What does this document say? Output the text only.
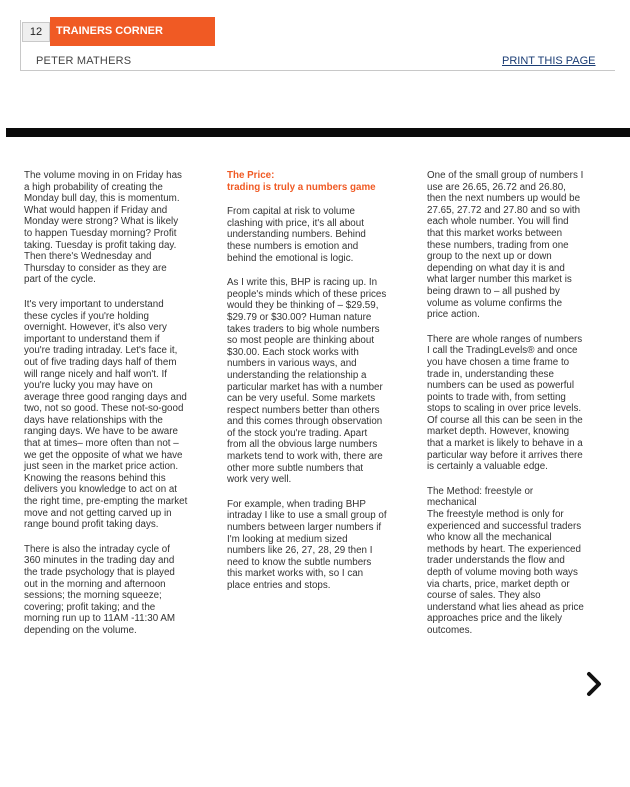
12	TRAINERS CORNER
PETER MATHERS	PRINT THIS PAGE

The volume moving in on Friday has
a high probability of creating the
Monday bull day, this is momentum.
What would happen if Friday and
Monday were strong? What is likely
to happen Tuesday morning? Profit
taking. Tuesday is profit taking day.
Then there's Wednesday and
Thursday to consider as they are
part of the cycle.

It's very important to understand
these cycles if you're holding
overnight. However, it's also very
important to understand them if
you're trading intraday. Let's face it,
out of five trading days half of them
will range nicely and half won't. If
you're lucky you may have on
average three good ranging days and
two, not so good. These not-so-good
days have relationships with the
ranging days. We have to be aware
that at times– more often than not –
we get the opposite of what we have
just seen in the market price action.
Knowing the reasons behind this
delivers you knowledge to act on at
the right time, pre-empting the market
move and not getting carved up in
range bound profit taking days.

There is also the intraday cycle of
360 minutes in the trading day and
the trade psychology that is played
out in the morning and afternoon
sessions; the morning squeeze;
covering; profit taking; and the
morning run up to 11AM -11:30 AM
depending on the volume.

The Price:
trading is truly a numbers game

From capital at risk to volume
clashing with price, it's all about
understanding numbers. Behind
these numbers is emotion and
behind the emotional is logic.

As I write this, BHP is racing up. In
people's minds which of these prices
would they be thinking of – $29.59,
$29.79 or $30.00? Human nature
takes traders to big whole numbers
so most people are thinking about
$30.00. Each stock works with
numbers in various ways, and
understanding the relationship a
particular market has with a number
can be very useful. Some markets
respect numbers better than others
and this comes through observation
of the stock you're trading. Apart
from all the obvious large numbers
markets tend to work with, there are
other more subtle numbers that
work very well.

For example, when trading BHP
intraday I like to use a small group of
numbers between larger numbers if
I'm looking at medium sized
numbers like 26, 27, 28, 29 then I
need to know the subtle numbers
this market works with, so I can
place entries and stops.

One of the small group of numbers I
use are 26.65, 26.72 and 26.80,
then the next numbers up would be
27.65, 27.72 and 27.80 and so with
each whole number. You will find
that this market works between
these numbers, trading from one
group to the next up or down
depending on what day it is and
what larger number this market is
being drawn to – all pushed by
volume as volume confirms the
price action.

There are whole ranges of numbers
I call the TradingLevels® and once
you have chosen a time frame to
trade in, understanding these
numbers can be used as powerful
points to trade with, from setting
stops to scaling in over price levels.
Of course all this can be seen in the
market depth. However, knowing
that a market is likely to behave in a
particular way before it arrives there
is certainly a valuable edge.

The Method: freestyle or
mechanical
The freestyle method is only for
experienced and successful traders
who know all the mechanical
methods by heart. The experienced
trader understands the flow and
depth of volume moving both ways
via charts, price, market depth or
course of sales. They also
understand what lies ahead as price
approaches price and the likely
outcomes.
